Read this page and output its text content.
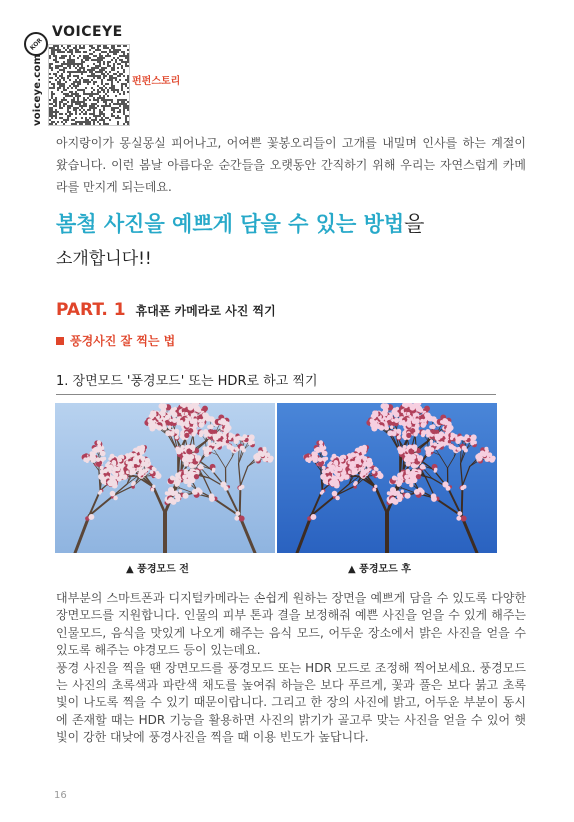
KOR
VOICEYE
voiceye.com	펀펀스토리
아지랑이가 몽실몽실 피어나고, 어여쁜 꽃봉오리들이 고개를 내밀며 인사를 하는 계절이 왔습니다. 이런 봄날 아름다운 순간들을 오랫동안 간직하기 위해 우리는 자연스럽게 카메라를 만지게 되는데요.
봄철 사진을 예쁘게 담을 수 있는 방법을
소개합니다!!
PART. 1 휴대폰 카메라로 사진 찍기
풍경사진 잘 찍는 법
1. 장면모드 '풍경모드' 또는 HDR로 하고 찍기
▲ 풍경모드 전	▲ 풍경모드 후

대부분의 스마트폰과 디지털카메라는 손쉽게 원하는 장면을 예쁘게 담을 수 있도록 다양한 장면모드를 지원합니다. 인물의 피부 톤과 결을 보정해줘 예쁜 사진을 얻을 수 있게 해주는 인물모드, 음식을 맛있게 나오게 해주는 음식 모드, 어두운 장소에서 밝은 사진을 얻을 수 있도록 해주는 야경모드 등이 있는데요.

풍경 사진을 찍을 땐 장면모드를 풍경모드 또는 HDR 모드로 조정해 찍어보세요. 풍경모드는 사진의 초록색과 파란색 채도를 높여줘 하늘은 보다 푸르게, 꽃과 풀은 보다 붉고 초록빛이 나도록 찍을 수 있기 때문이랍니다. 그리고 한 장의 사진에 밝고, 어두운 부분이 동시에 존재할 때는 HDR 기능을 활용하면 사진의 밝기가 골고루 맞는 사진을 얻을 수 있어 햇빛이 강한 대낮에 풍경사진을 찍을 때 이용 빈도가 높답니다.

16
